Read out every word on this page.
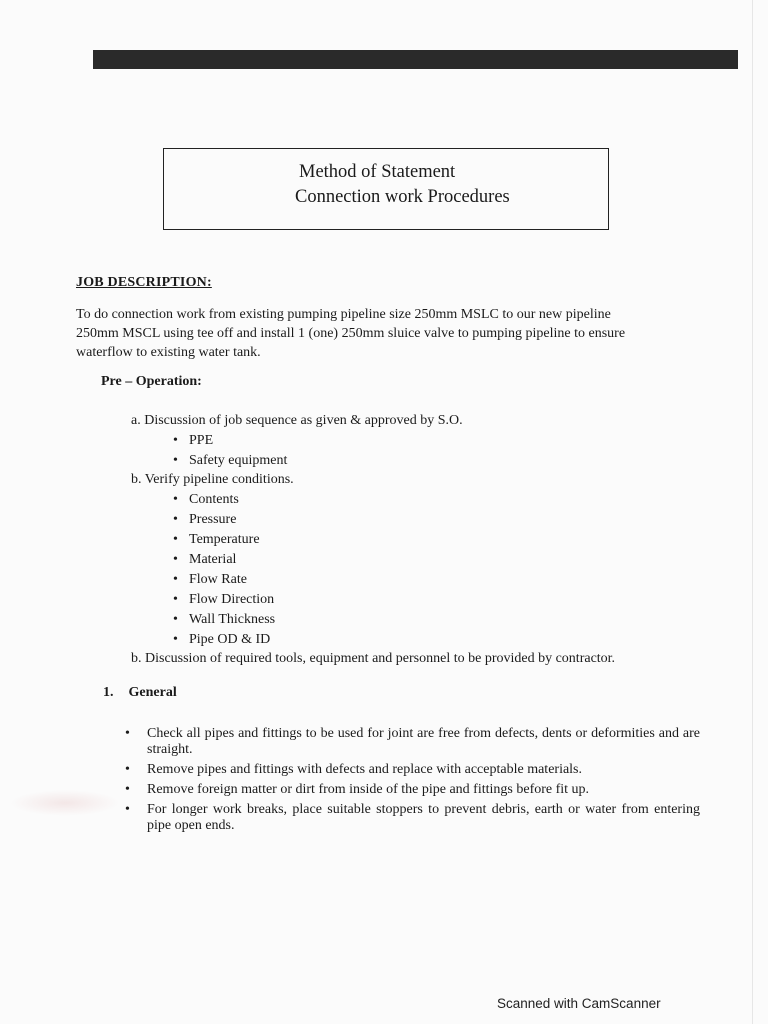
Method of Statement
Connection work Procedures
JOB DESCRIPTION:
To do connection work from existing pumping pipeline size 250mm MSLC to our new pipeline
250mm MSCL using tee off and install 1 (one) 250mm sluice valve to pumping pipeline to ensure
waterflow to existing water tank.
Pre – Operation:
a. Discussion of job sequence as given & approved by S.O.
• PPE
• Safety equipment
b. Verify pipeline conditions.
• Contents
• Pressure
• Temperature
• Material
• Flow Rate
• Flow Direction
• Wall Thickness
• Pipe OD & ID
b. Discussion of required tools, equipment and personnel to be provided by contractor.
1. General
• Check all pipes and fittings to be used for joint are free from defects, dents or deformities and are straight.
• Remove pipes and fittings with defects and replace with acceptable materials.
• Remove foreign matter or dirt from inside of the pipe and fittings before fit up.
• For longer work breaks, place suitable stoppers to prevent debris, earth or water from entering pipe open ends.
Scanned with CamScanner
